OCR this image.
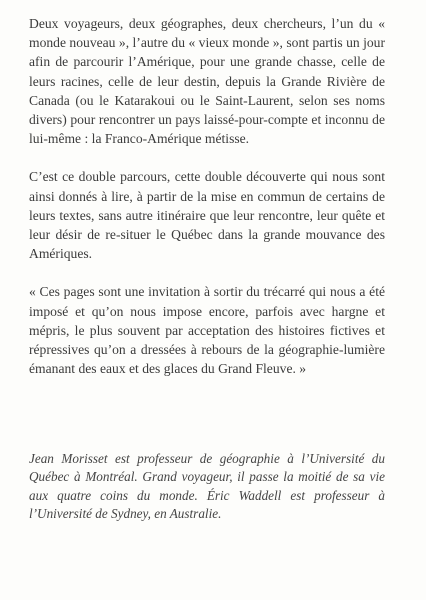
Deux voyageurs, deux géographes, deux chercheurs, l’un du « monde nouveau », l’autre du « vieux monde », sont partis un jour afin de parcourir l’Amérique, pour une grande chasse, celle de leurs racines, celle de leur destin, depuis la Grande Rivière de Canada (ou le Katarakoui ou le Saint-Laurent, selon ses noms divers) pour rencontrer un pays laissé-pour-compte et inconnu de lui-même : la Franco-Amérique métisse.

C’est ce double parcours, cette double découverte qui nous sont ainsi donnés à lire, à partir de la mise en commun de certains de leurs textes, sans autre itinéraire que leur rencontre, leur quête et leur désir de re-situer le Québec dans la grande mouvance des Amériques.

« Ces pages sont une invitation à sortir du trécarré qui nous a été imposé et qu’on nous impose encore, parfois avec hargne et mépris, le plus souvent par acceptation des histoires fictives et répressives qu’on a dressées à rebours de la géographie-lumière émanant des eaux et des glaces du Grand Fleuve. »

Jean Morisset est professeur de géographie à l’Université du Québec à Montréal. Grand voyageur, il passe la moitié de sa vie aux quatre coins du monde. Éric Waddell est professeur à l’Université de Sydney, en Australie.
